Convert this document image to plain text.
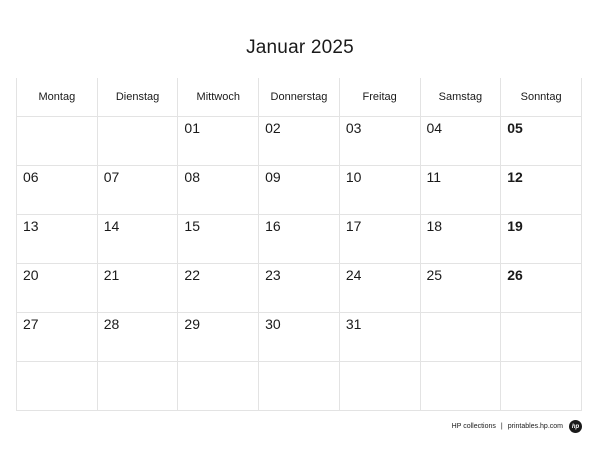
Januar 2025
Montag	Dienstag	Mittwoch	Donnerstag	Freitag	Samstag	Sonntag
		01	02	03	04	05
06	07	08	09	10	11	12
13	14	15	16	17	18	19
20	21	22	23	24	25	26
27	28	29	30	31		

HP collections | printables.hp.com	hp
